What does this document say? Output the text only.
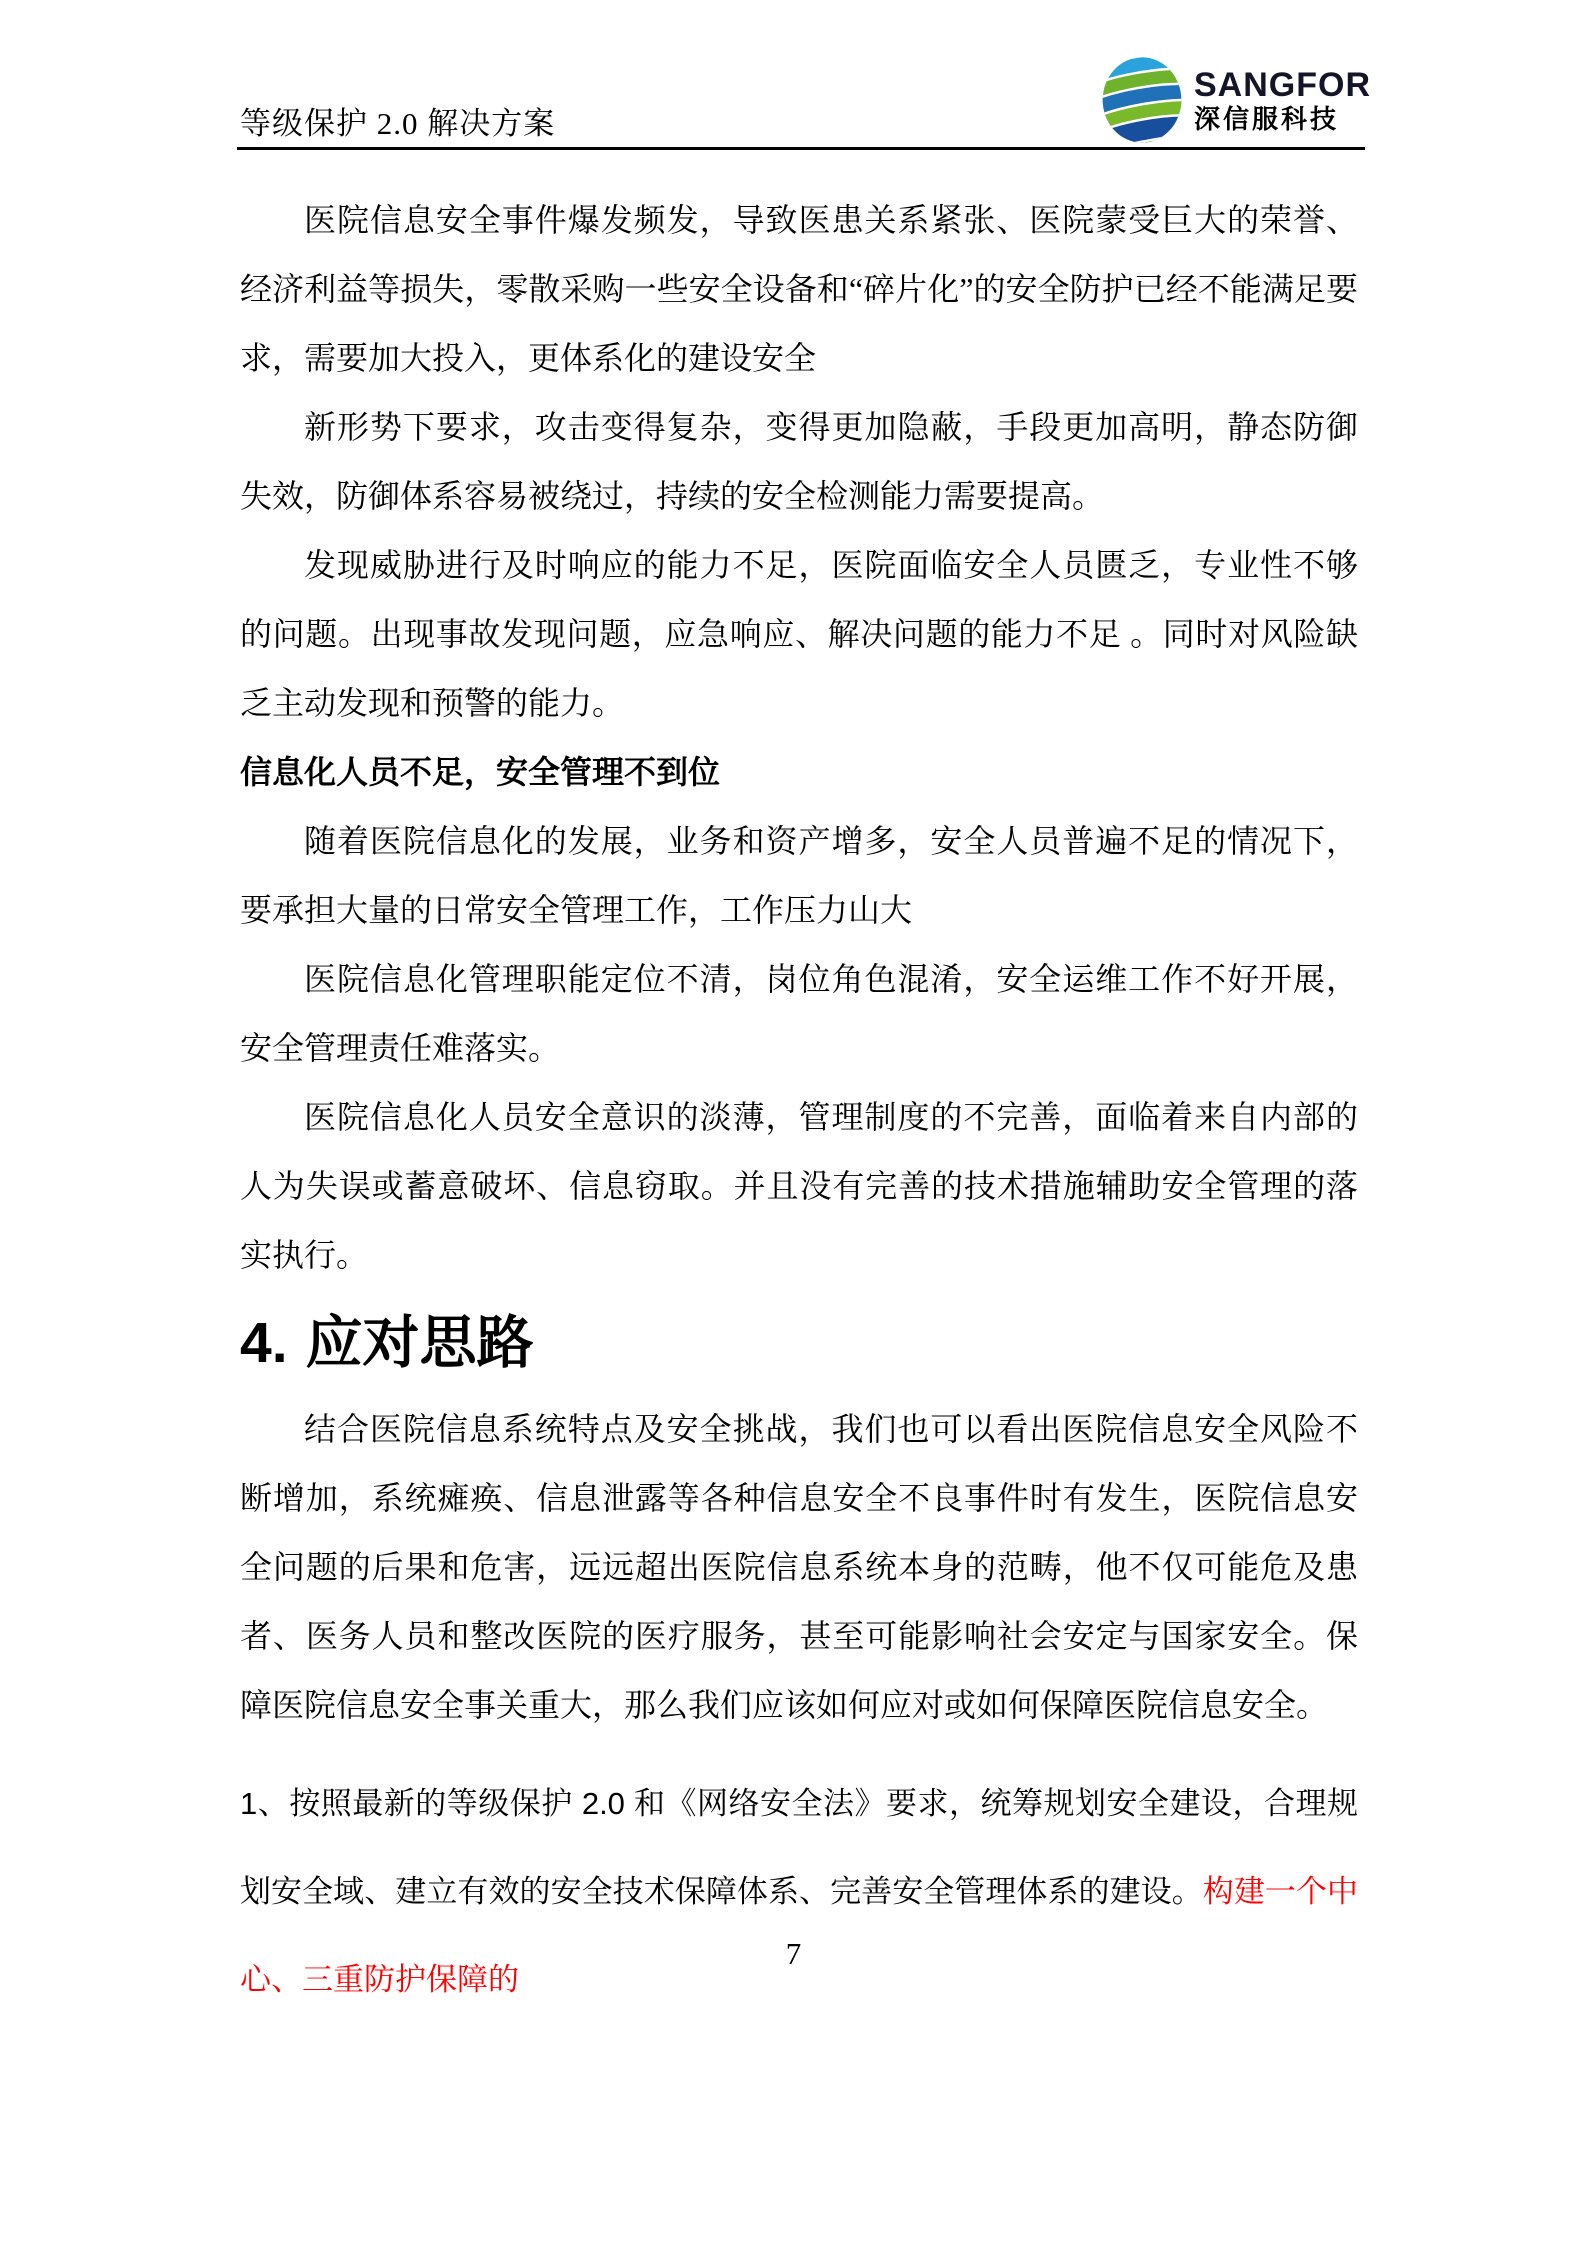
等级保护 2.0 解决方案
SANGFOR
深信服科技

医院信息安全事件爆发频发，导致医患关系紧张、医院蒙受巨大的荣誉、经济利益等损失，零散采购一些安全设备和“碎片化”的安全防护已经不能满足要求，需要加大投入，更体系化的建设安全

新形势下要求，攻击变得复杂，变得更加隐蔽，手段更加高明，静态防御失效，防御体系容易被绕过，持续的安全检测能力需要提高。

发现威胁进行及时响应的能力不足，医院面临安全人员匮乏，专业性不够的问题。出现事故发现问题，应急响应、解决问题的能力不足 。同时对风险缺乏主动发现和预警的能力。

信息化人员不足，安全管理不到位

随着医院信息化的发展，业务和资产增多，安全人员普遍不足的情况下，要承担大量的日常安全管理工作，工作压力山大

医院信息化管理职能定位不清，岗位角色混淆，安全运维工作不好开展，安全管理责任难落实。

医院信息化人员安全意识的淡薄，管理制度的不完善，面临着来自内部的人为失误或蓄意破坏、信息窃取。并且没有完善的技术措施辅助安全管理的落实执行。

4. 应对思路

结合医院信息系统特点及安全挑战，我们也可以看出医院信息安全风险不断增加，系统瘫痪、信息泄露等各种信息安全不良事件时有发生，医院信息安全问题的后果和危害，远远超出医院信息系统本身的范畴，他不仅可能危及患者、医务人员和整改医院的医疗服务，甚至可能影响社会安定与国家安全。保障医院信息安全事关重大，那么我们应该如何应对或如何保障医院信息安全。

1、按照最新的等级保护 2.0 和《网络安全法》要求，统筹规划安全建设，合理规划安全域、建立有效的安全技术保障体系、完善安全管理体系的建设。构建一个中心、三重防护保障的

7
